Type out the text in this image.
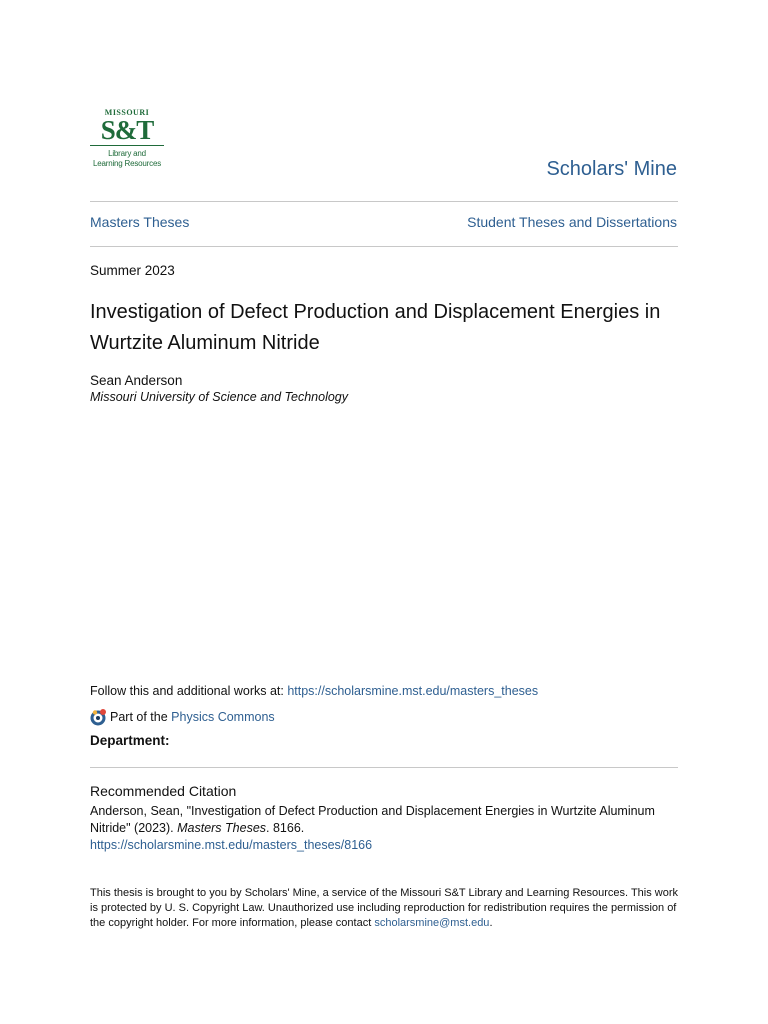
MISSOURI
S&T
Library and
Learning Resources	Scholars' Mine
Masters Theses	Student Theses and Dissertations
Summer 2023
Investigation of Defect Production and Displacement Energies in Wurtzite Aluminum Nitride
Sean Anderson
Missouri University of Science and Technology
Follow this and additional works at: https://scholarsmine.mst.edu/masters_theses
Part of the Physics Commons
Department:
Recommended Citation
Anderson, Sean, "Investigation of Defect Production and Displacement Energies in Wurtzite Aluminum Nitride" (2023). Masters Theses. 8166.
https://scholarsmine.mst.edu/masters_theses/8166
This thesis is brought to you by Scholars' Mine, a service of the Missouri S&T Library and Learning Resources. This work is protected by U. S. Copyright Law. Unauthorized use including reproduction for redistribution requires the permission of the copyright holder. For more information, please contact scholarsmine@mst.edu.
